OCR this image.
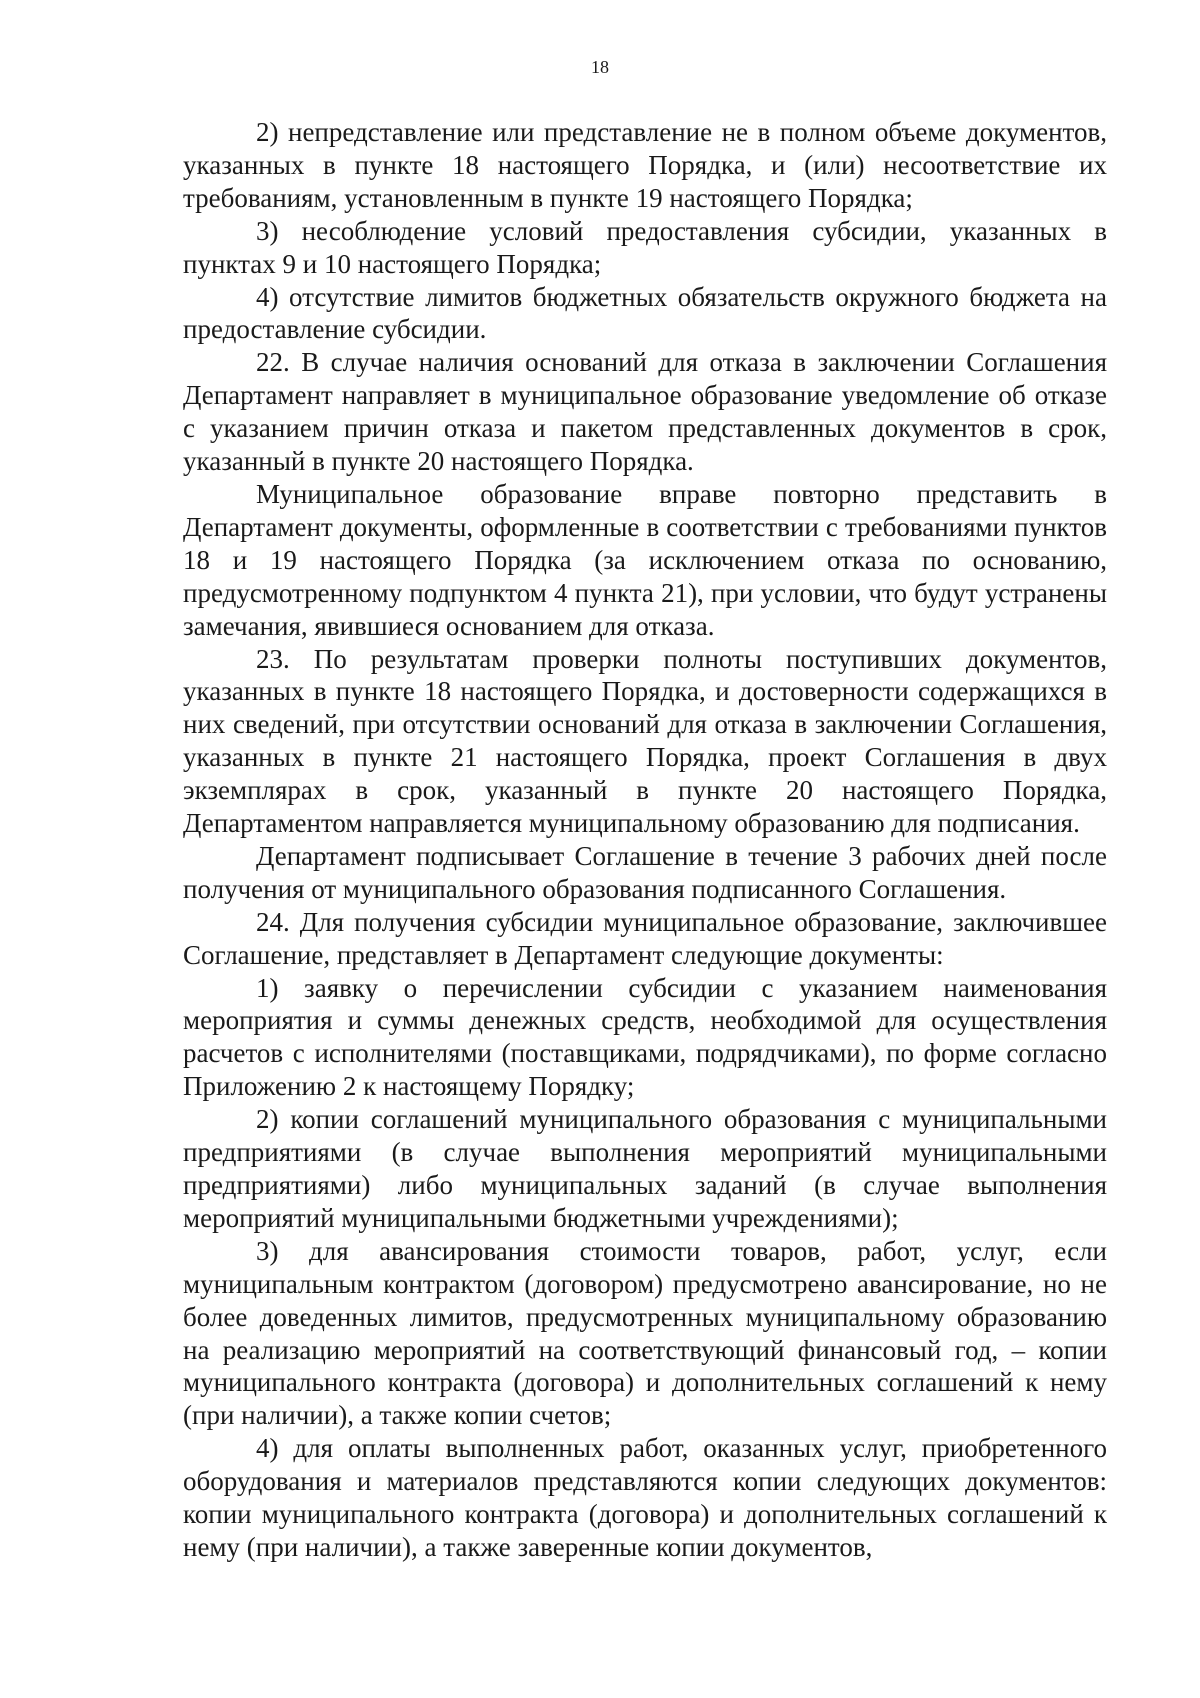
18

2) непредставление или представление не в полном объеме документов, указанных в пункте 18 настоящего Порядка, и (или) несоответствие их требованиям, установленным в пункте 19 настоящего Порядка;

3) несоблюдение условий предоставления субсидии, указанных в пунктах 9 и 10 настоящего Порядка;

4) отсутствие лимитов бюджетных обязательств окружного бюджета на предоставление субсидии.

22. В случае наличия оснований для отказа в заключении Соглашения Департамент направляет в муниципальное образование уведомление об отказе с указанием причин отказа и пакетом представленных документов в срок, указанный в пункте 20 настоящего Порядка.

Муниципальное образование вправе повторно представить в Департамент документы, оформленные в соответствии с требованиями пунктов 18 и 19 настоящего Порядка (за исключением отказа по основанию, предусмотренному подпунктом 4 пункта 21), при условии, что будут устранены замечания, явившиеся основанием для отказа.

23. По результатам проверки полноты поступивших документов, указанных в пункте 18 настоящего Порядка, и достоверности содержащихся в них сведений, при отсутствии оснований для отказа в заключении Соглашения, указанных в пункте 21 настоящего Порядка, проект Соглашения в двух экземплярах в срок, указанный в пункте 20 настоящего Порядка, Департаментом направляется муниципальному образованию для подписания.

Департамент подписывает Соглашение в течение 3 рабочих дней после получения от муниципального образования подписанного Соглашения.

24. Для получения субсидии муниципальное образование, заключившее Соглашение, представляет в Департамент следующие документы:

1) заявку о перечислении субсидии с указанием наименования мероприятия и суммы денежных средств, необходимой для осуществления расчетов с исполнителями (поставщиками, подрядчиками), по форме согласно Приложению 2 к настоящему Порядку;

2) копии соглашений муниципального образования с муниципальными предприятиями (в случае выполнения мероприятий муниципальными предприятиями) либо муниципальных заданий (в случае выполнения мероприятий муниципальными бюджетными учреждениями);

3) для авансирования стоимости товаров, работ, услуг, если муниципальным контрактом (договором) предусмотрено авансирование, но не более доведенных лимитов, предусмотренных муниципальному образованию на реализацию мероприятий на соответствующий финансовый год, – копии муниципального контракта (договора) и дополнительных соглашений к нему (при наличии), а также копии счетов;

4) для оплаты выполненных работ, оказанных услуг, приобретенного оборудования и материалов представляются копии следующих документов: копии муниципального контракта (договора) и дополнительных соглашений к нему (при наличии), а также заверенные копии документов,
